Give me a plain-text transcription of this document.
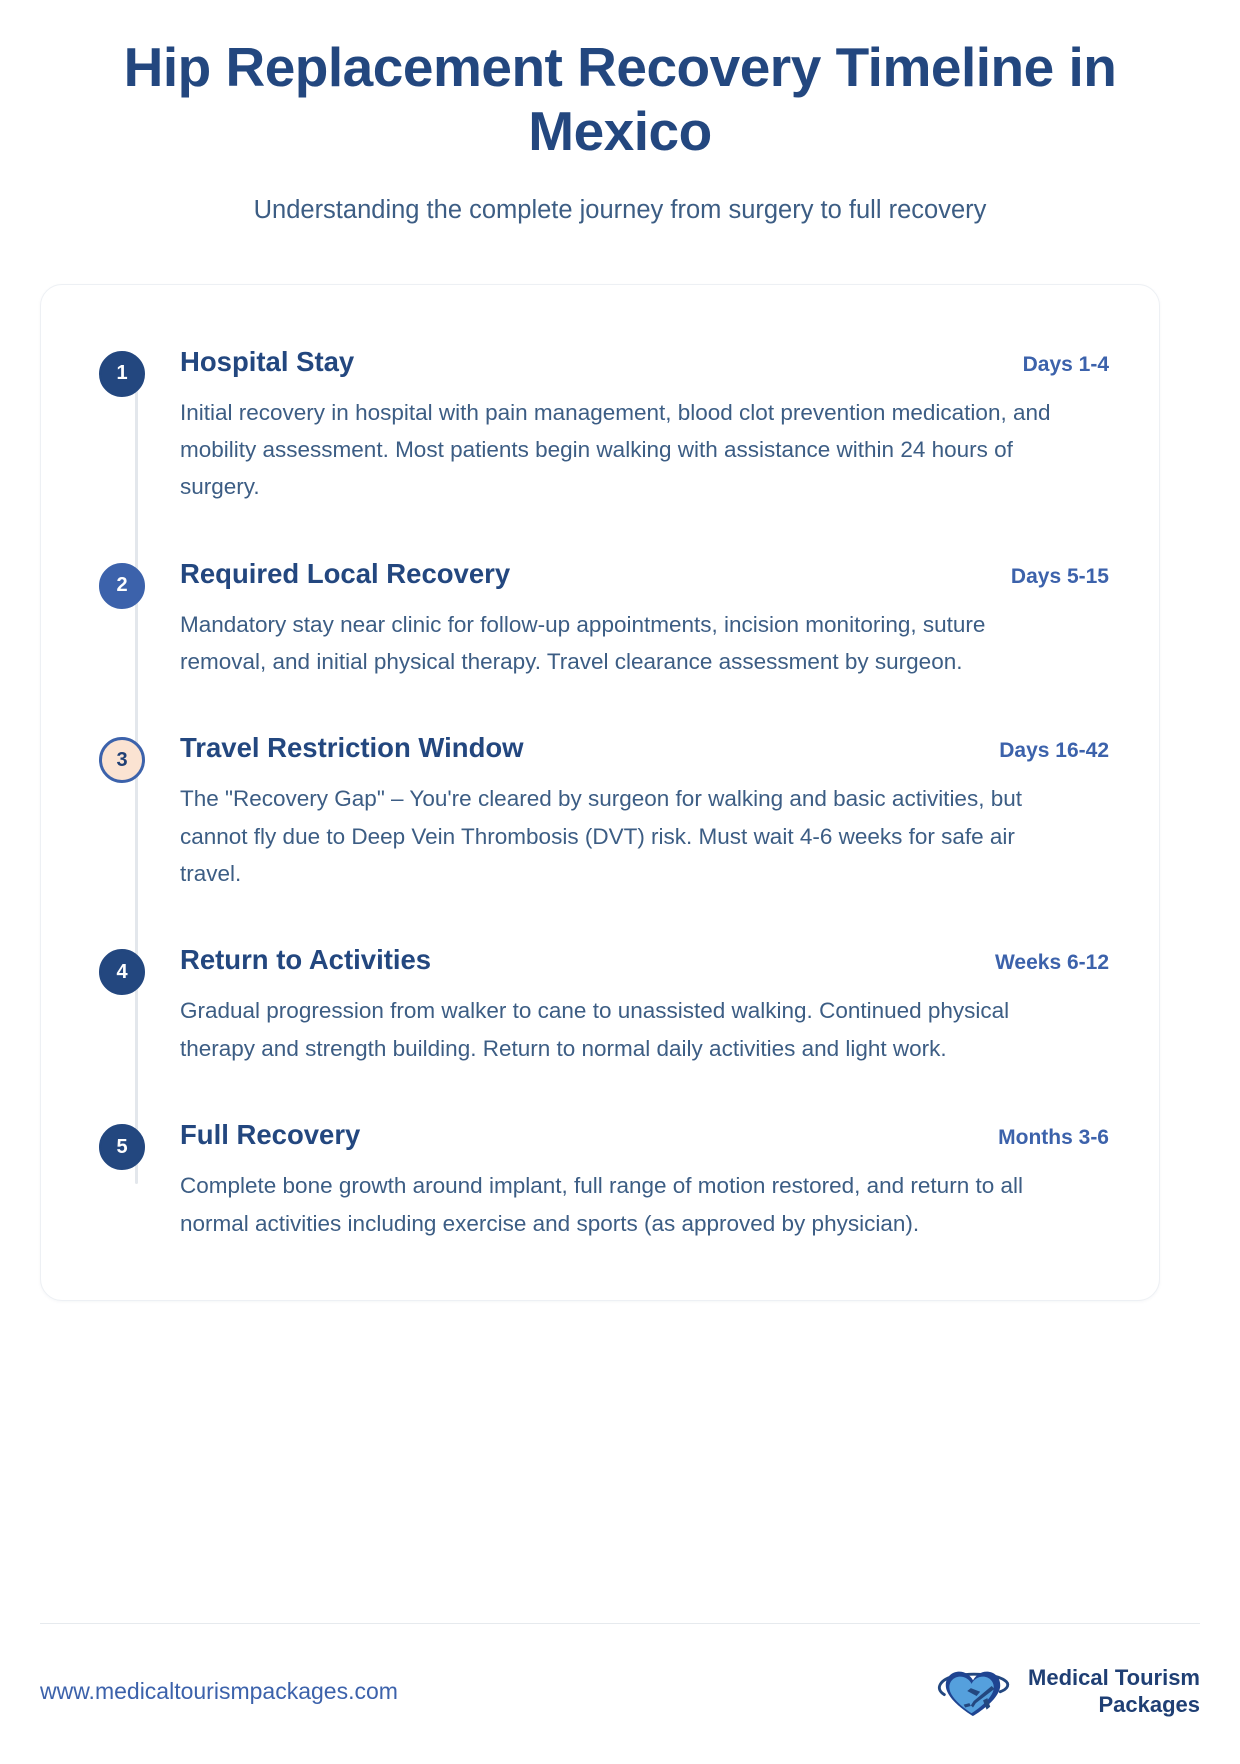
Hip Replacement Recovery Timeline in Mexico

Understanding the complete journey from surgery to full recovery

1	Hospital Stay	Days 1-4
Initial recovery in hospital with pain management, blood clot prevention medication, and mobility assessment. Most patients begin walking with assistance within 24 hours of surgery.
2	Required Local Recovery	Days 5-15
Mandatory stay near clinic for follow-up appointments, incision monitoring, suture removal, and initial physical therapy. Travel clearance assessment by surgeon.
3	Travel Restriction Window	Days 16-42
The "Recovery Gap" – You're cleared by surgeon for walking and basic activities, but cannot fly due to Deep Vein Thrombosis (DVT) risk. Must wait 4-6 weeks for safe air travel.
4	Return to Activities	Weeks 6-12
Gradual progression from walker to cane to unassisted walking. Continued physical therapy and strength building. Return to normal daily activities and light work.
5	Full Recovery	Months 3-6
Complete bone growth around implant, full range of motion restored, and return to all normal activities including exercise and sports (as approved by physician).
www.medicaltourismpackages.com
Medical Tourism
Packages
